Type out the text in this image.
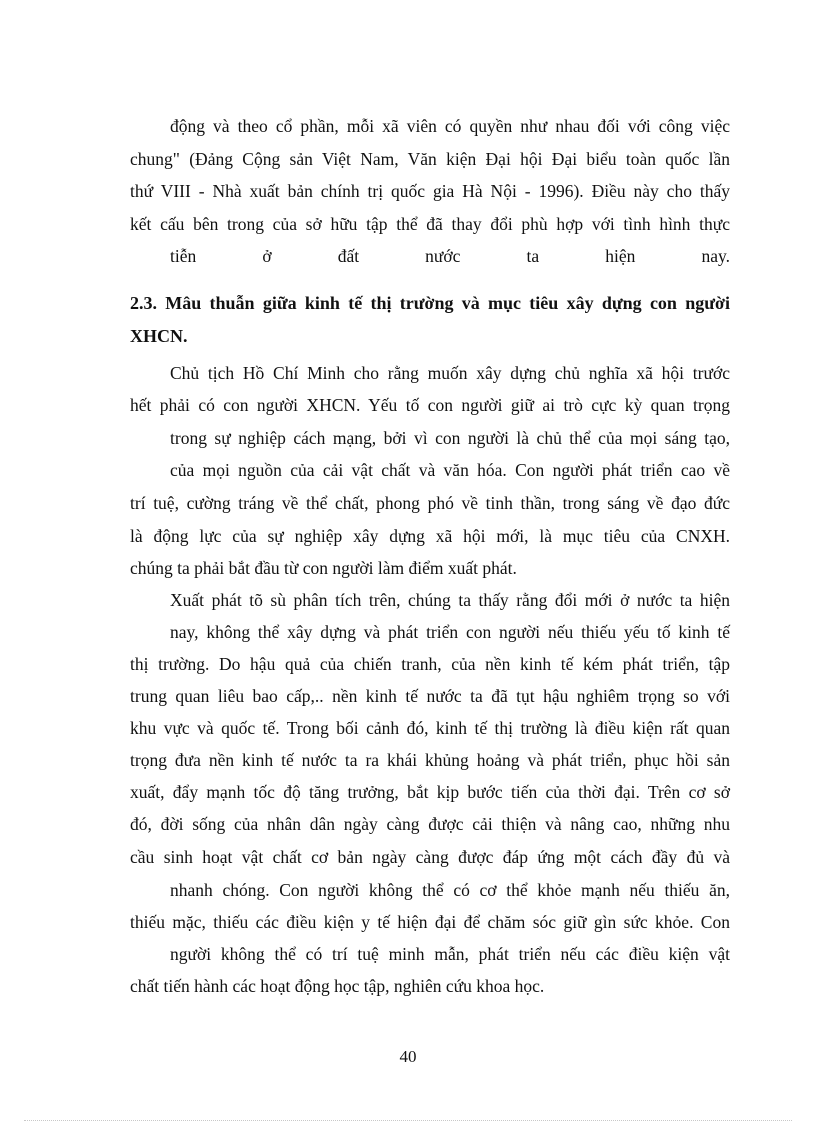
động và theo cổ phần, mỗi xã viên có quyền như nhau đối với công việc
chung" (Đảng Cộng sản Việt Nam, Văn kiện Đại hội Đại biểu toàn quốc lần
thứ VIII - Nhà xuất bản chính trị quốc gia Hà Nội - 1996). Điều này cho thấy
kết cấu bên trong của sở hữu tập thể đã thay đổi phù hợp với tình hình thực
tiễn ở đất nước ta hiện nay.
2.3. Mâu thuẫn giữa kinh tế thị trường và mục tiêu xây dựng con người
XHCN.
Chủ tịch Hồ Chí Minh cho rằng muốn xây dựng chủ nghĩa xã hội trước
hết phải có con người XHCN. Yếu tố con người giữ ai trò cực kỳ quan trọng
trong sự nghiệp cách mạng, bởi vì con người là chủ thể của mọi sáng tạo,
của mọi nguồn của cải vật chất và văn hóa. Con người phát triển cao về
trí tuệ, cường tráng về thể chất, phong phó về tinh thần, trong sáng về đạo đức
là động lực của sự nghiệp xây dựng xã hội mới, là mục tiêu của CNXH.
chúng ta phải bắt đầu từ con người làm điểm xuất phát.
Xuất phát tõ sù phân tích trên, chúng ta thấy rằng đổi mới ở nước ta hiện
nay, không thể xây dựng và phát triển con người nếu thiếu yếu tố kinh tế
thị trường. Do hậu quả của chiến tranh, của nền kinh tế kém phát triển, tập
trung quan liêu bao cấp,.. nền kinh tế nước ta đã tụt hậu nghiêm trọng so với
khu vực và quốc tế. Trong bối cảnh đó, kinh tế thị trường là điều kiện rất quan
trọng đưa nền kinh tế nước ta ra khái khủng hoảng và phát triển, phục hồi sản
xuất, đẩy mạnh tốc độ tăng trưởng, bắt kịp bước tiến của thời đại. Trên cơ sở
đó, đời sống của nhân dân ngày càng được cải thiện và nâng cao, những nhu
cầu sinh hoạt vật chất cơ bản ngày càng được đáp ứng một cách đầy đủ và
nhanh chóng. Con người không thể có cơ thể khỏe mạnh nếu thiếu ăn,
thiếu mặc, thiếu các điều kiện y tế hiện đại để chăm sóc giữ gìn sức khỏe. Con
người không thể có trí tuệ minh mẫn, phát triển nếu các điều kiện vật
chất tiến hành các hoạt động học tập, nghiên cứu khoa học.
40
